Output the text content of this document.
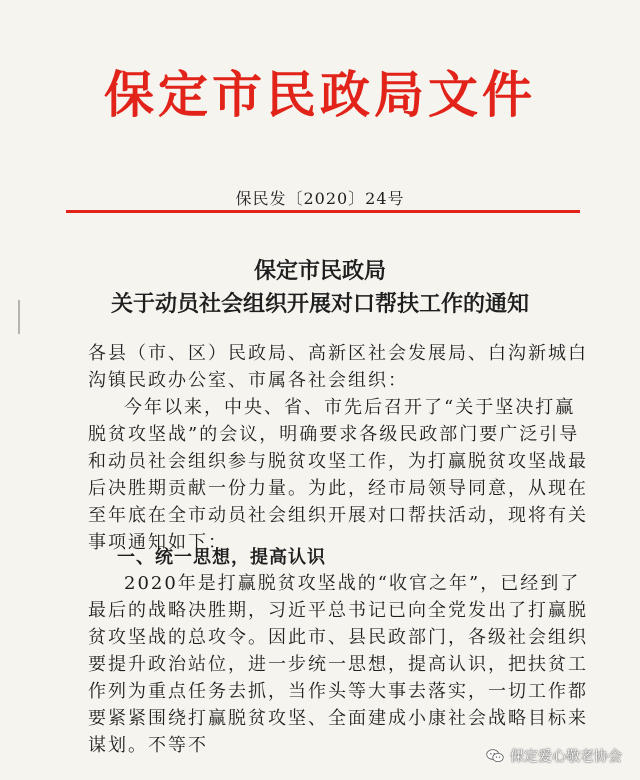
保定市民政局文件
保民发〔2020〕24号
保定市民政局
关于动员社会组织开展对口帮扶工作的通知
各县（市、区）民政局、高新区社会发展局、白沟新城白沟镇民政办公室、市属各社会组织：
今年以来，中央、省、市先后召开了“关于坚决打赢脱贫攻坚战”的会议，明确要求各级民政部门要广泛引导和动员社会组织参与脱贫攻坚工作，为打赢脱贫攻坚战最后决胜期贡献一份力量。为此，经市局领导同意，从现在至年底在全市动员社会组织开展对口帮扶活动，现将有关事项通知如下：
一、统一思想，提高认识
2020年是打赢脱贫攻坚战的“收官之年”，已经到了最后的战略决胜期，习近平总书记已向全党发出了打赢脱贫攻坚战的总攻令。因此市、县民政部门，各级社会组织要提升政治站位，进一步统一思想，提高认识，把扶贫工作列为重点任务去抓，当作头等大事去落实，一切工作都要紧紧围绕打赢脱贫攻坚、全面建成小康社会战略目标来谋划。不等不
保定爱心敬老协会
